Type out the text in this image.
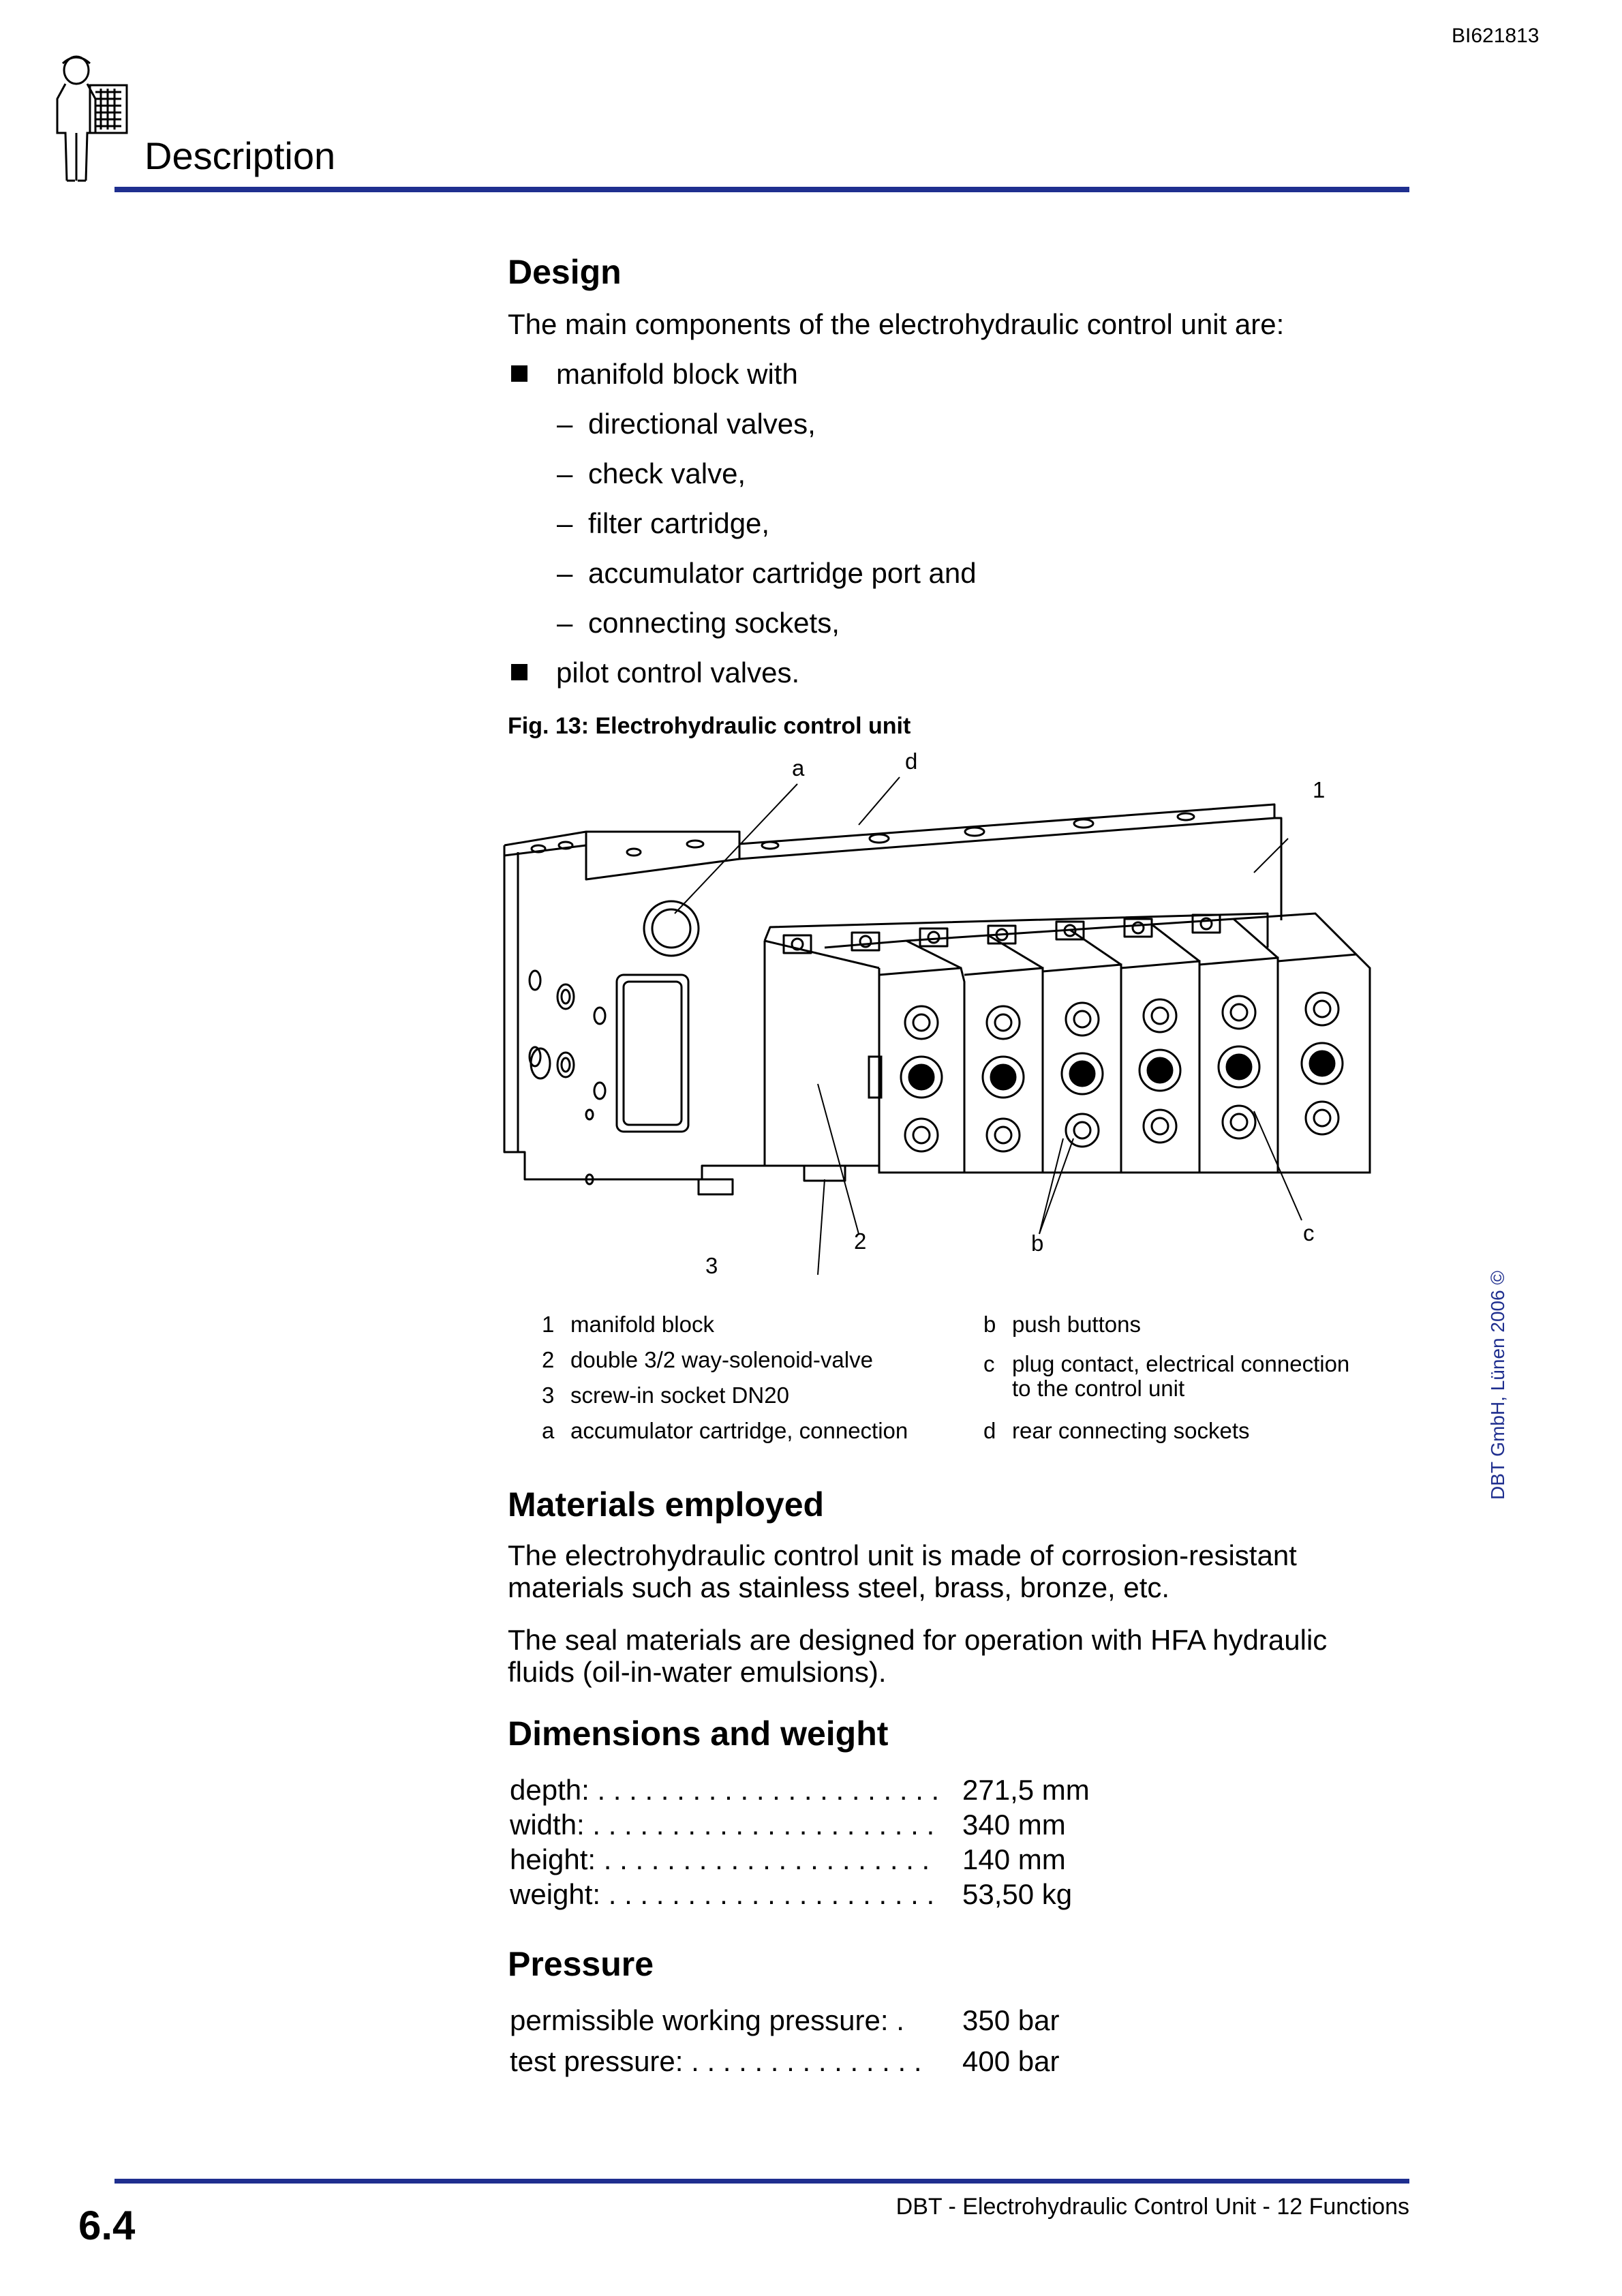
BI621813
Description
Design
The main components of the electrohydraulic control unit are:
manifold block with
– directional valves,
– check valve,
– filter cartridge,
– accumulator cartridge port and
– connecting sockets,
pilot control valves.
Fig. 13: Electrohydraulic control unit
a	d
1
2
3
b	c
1 manifold block
2 double 3/2 way-solenoid-valve
3 screw-in socket DN20
a accumulator cartridge, connection
b push buttons
c plug contact, electrical connection
to the control unit
d rear connecting sockets
Materials employed
The electrohydraulic control unit is made of corrosion-resistant
materials such as stainless steel, brass, bronze, etc.
The seal materials are designed for operation with HFA hydraulic
fluids (oil-in-water emulsions).
Dimensions and weight
depth: . . . . . . . . . . . . . . . . . . . . . . 271,5 mm
width: . . . . . . . . . . . . . . . . . . . . . . 340 mm
height: . . . . . . . . . . . . . . . . . . . . . 140 mm
weight: . . . . . . . . . . . . . . . . . . . . . 53,50 kg
Pressure
permissible working pressure: . 350 bar
test pressure: . . . . . . . . . . . . . . . 400 bar
DBT GmbH, Lünen 2006 ©
DBT - Electrohydraulic Control Unit - 12 Functions
6.4
